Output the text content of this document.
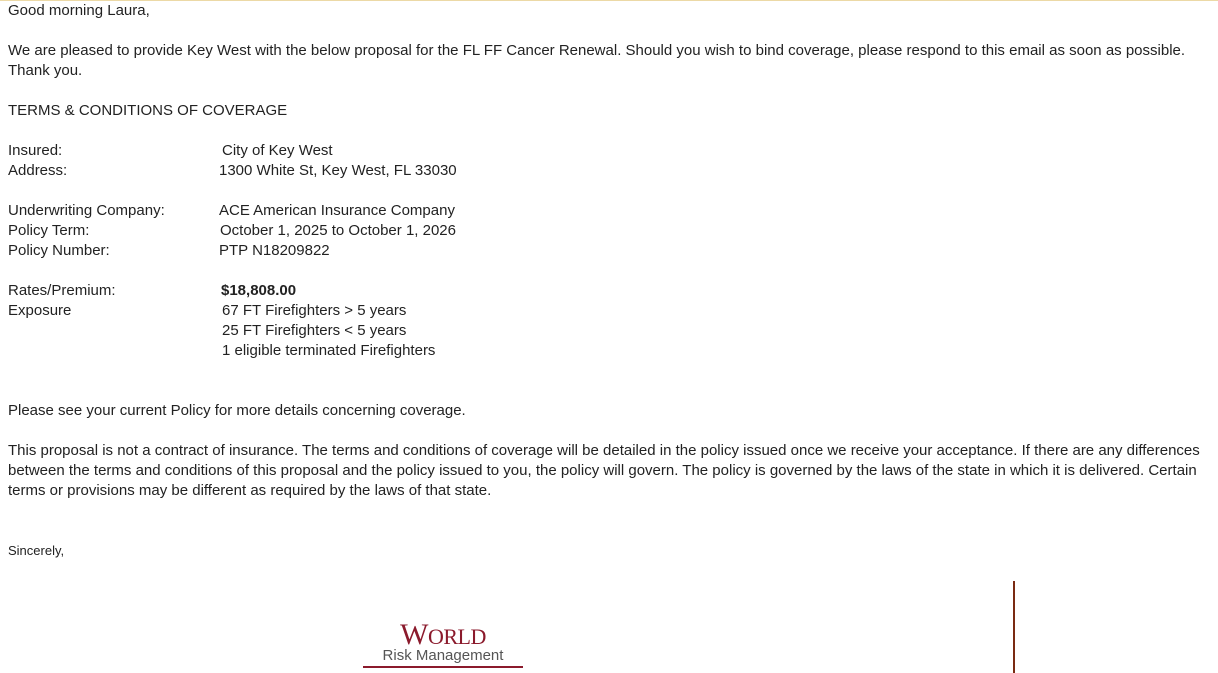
Good morning Laura,
We are pleased to provide Key West with the below proposal for the FL FF Cancer Renewal. Should you wish to bind coverage, please respond to this email as soon as possible. Thank you.
TERMS & CONDITIONS OF COVERAGE
Insured:	City of Key West
Address:	1300 White St, Key West, FL 33030
Underwriting Company:	ACE American Insurance Company
Policy Term:	October 1, 2025 to October 1, 2026
Policy Number:	PTP N18209822
Rates/Premium:	$18,808.00
Exposure	67 FT Firefighters > 5 years
25 FT Firefighters < 5 years
1 eligible terminated Firefighters
Please see your current Policy for more details concerning coverage.
This proposal is not a contract of insurance. The terms and conditions of coverage will be detailed in the policy issued once we receive your acceptance. If there are any differences between the terms and conditions of this proposal and the policy issued to you, the policy will govern. The policy is governed by the laws of the state in which it is delivered. Certain terms or provisions may be different as required by the laws of that state.
Sincerely,
WORLD
Risk Management
